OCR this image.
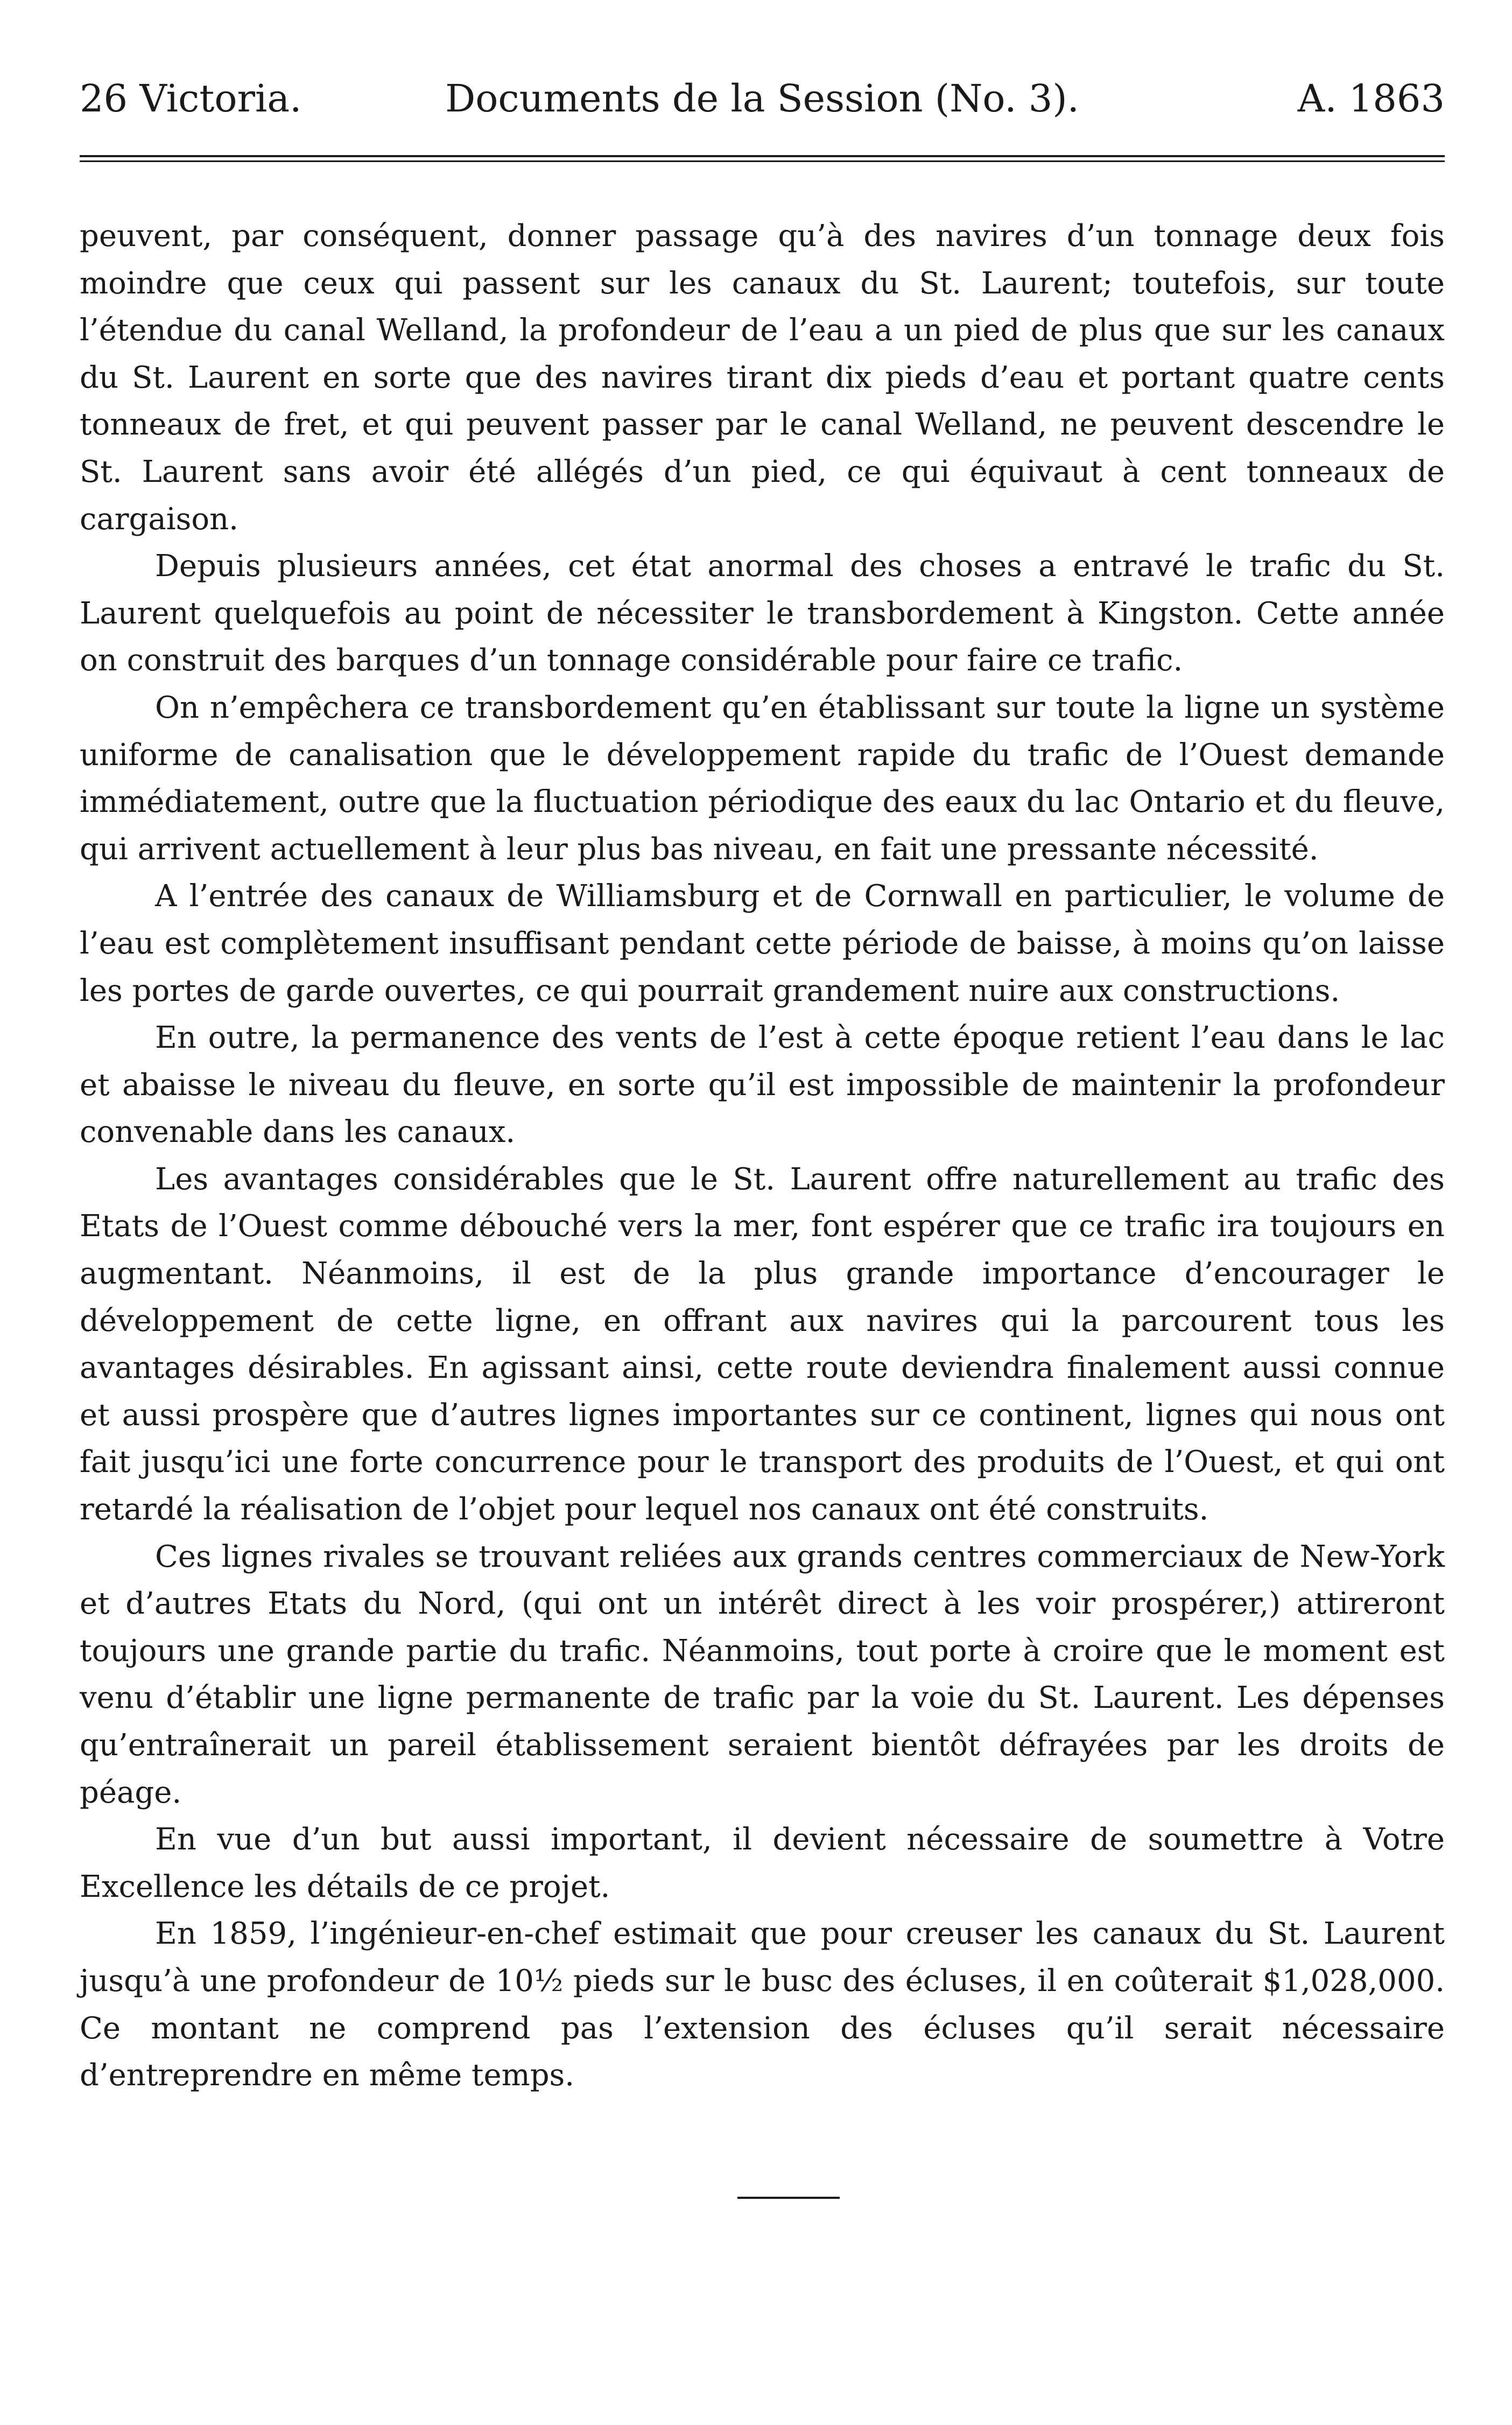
26 Victoria.	Documents de la Session (No. 3).	A. 1863

peuvent, par conséquent, donner passage qu’à des navires d’un tonnage deux fois moindre que ceux qui passent sur les canaux du St. Laurent; toutefois, sur toute l’étendue du canal Welland, la profondeur de l’eau a un pied de plus que sur les canaux du St. Laurent en sorte que des navires tirant dix pieds d’eau et portant quatre cents tonneaux de fret, et qui peuvent passer par le canal Welland, ne peuvent descendre le St. Laurent sans avoir été allégés d’un pied, ce qui équivaut à cent tonneaux de cargaison.

Depuis plusieurs années, cet état anormal des choses a entravé le trafic du St. Laurent quelquefois au point de nécessiter le transbordement à Kingston. Cette année on construit des barques d’un tonnage considérable pour faire ce trafic.

On n’empêchera ce transbordement qu’en établissant sur toute la ligne un système uniforme de canalisation que le développement rapide du trafic de l’Ouest demande immédiatement, outre que la fluctuation périodique des eaux du lac Ontario et du fleuve, qui arrivent actuellement à leur plus bas niveau, en fait une pressante nécessité.

A l’entrée des canaux de Williamsburg et de Cornwall en particulier, le volume de l’eau est complètement insuffisant pendant cette période de baisse, à moins qu’on laisse les portes de garde ouvertes, ce qui pourrait grandement nuire aux constructions.

En outre, la permanence des vents de l’est à cette époque retient l’eau dans le lac et abaisse le niveau du fleuve, en sorte qu’il est impossible de maintenir la profondeur convenable dans les canaux.

Les avantages considérables que le St. Laurent offre naturellement au trafic des Etats de l’Ouest comme débouché vers la mer, font espérer que ce trafic ira toujours en augmentant. Néanmoins, il est de la plus grande importance d’encourager le développement de cette ligne, en offrant aux navires qui la parcourent tous les avantages désirables. En agissant ainsi, cette route deviendra finalement aussi connue et aussi prospère que d’autres lignes importantes sur ce continent, lignes qui nous ont fait jusqu’ici une forte concurrence pour le transport des produits de l’Ouest, et qui ont retardé la réalisation de l’objet pour lequel nos canaux ont été construits.

Ces lignes rivales se trouvant reliées aux grands centres commerciaux de New-York et d’autres Etats du Nord, (qui ont un intérêt direct à les voir prospérer,) attireront toujours une grande partie du trafic. Néanmoins, tout porte à croire que le moment est venu d’établir une ligne permanente de trafic par la voie du St. Laurent. Les dépenses qu’entraînerait un pareil établissement seraient bientôt défrayées par les droits de péage.

En vue d’un but aussi important, il devient nécessaire de soumettre à Votre Excellence les détails de ce projet.

En 1859, l’ingénieur-en-chef estimait que pour creuser les canaux du St. Laurent jusqu’à une profondeur de 10½ pieds sur le busc des écluses, il en coûterait $1,028,000. Ce montant ne comprend pas l’extension des écluses qu’il serait nécessaire d’entreprendre en même temps.
